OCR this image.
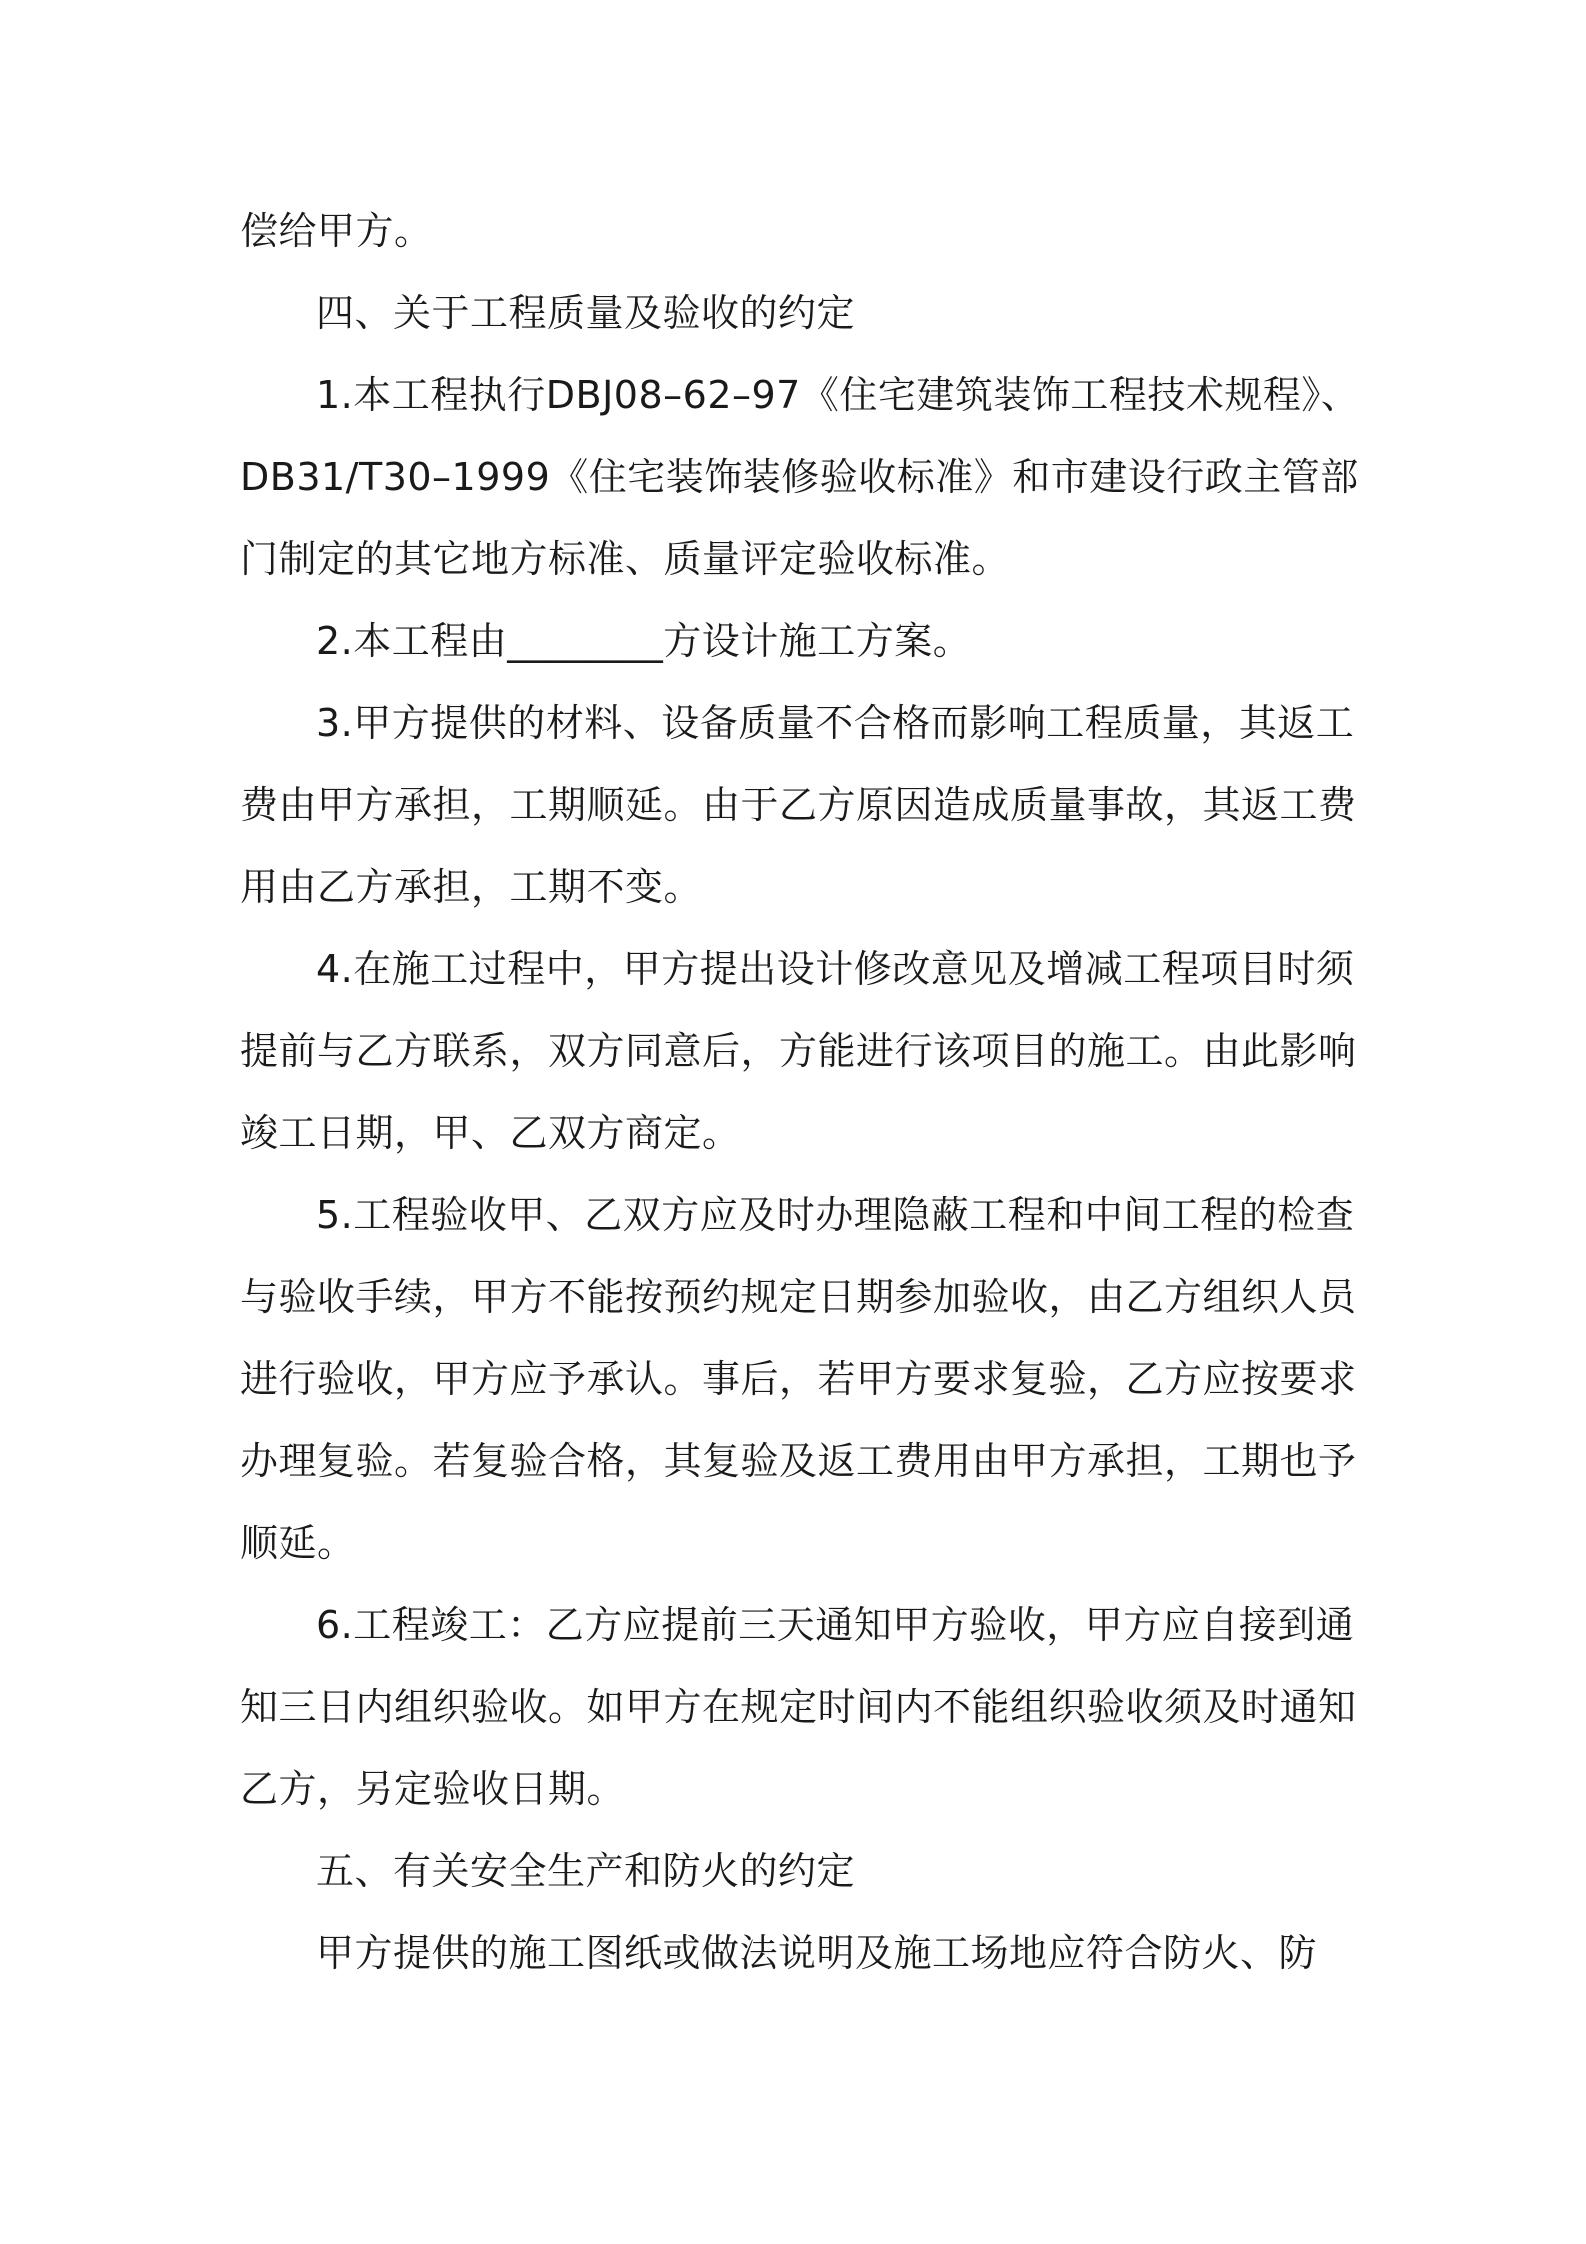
偿给甲方。

四、关于工程质量及验收的约定

1.本工程执行DBJ08–62–97《住宅建筑装饰工程技术规程》、DB31/T30–1999《住宅装饰装修验收标准》和市建设行政主管部门制定的其它地方标准、质量评定验收标准。

2.本工程由________方设计施工方案。

3.甲方提供的材料、设备质量不合格而影响工程质量，其返工费由甲方承担，工期顺延。由于乙方原因造成质量事故，其返工费用由乙方承担，工期不变。

4.在施工过程中，甲方提出设计修改意见及增减工程项目时须提前与乙方联系，双方同意后，方能进行该项目的施工。由此影响竣工日期，甲、乙双方商定。

5.工程验收甲、乙双方应及时办理隐蔽工程和中间工程的检查与验收手续，甲方不能按预约规定日期参加验收，由乙方组织人员进行验收，甲方应予承认。事后，若甲方要求复验，乙方应按要求办理复验。若复验合格，其复验及返工费用由甲方承担，工期也予顺延。

6.工程竣工：乙方应提前三天通知甲方验收，甲方应自接到通知三日内组织验收。如甲方在规定时间内不能组织验收须及时通知乙方，另定验收日期。

五、有关安全生产和防火的约定

甲方提供的施工图纸或做法说明及施工场地应符合防火、防
